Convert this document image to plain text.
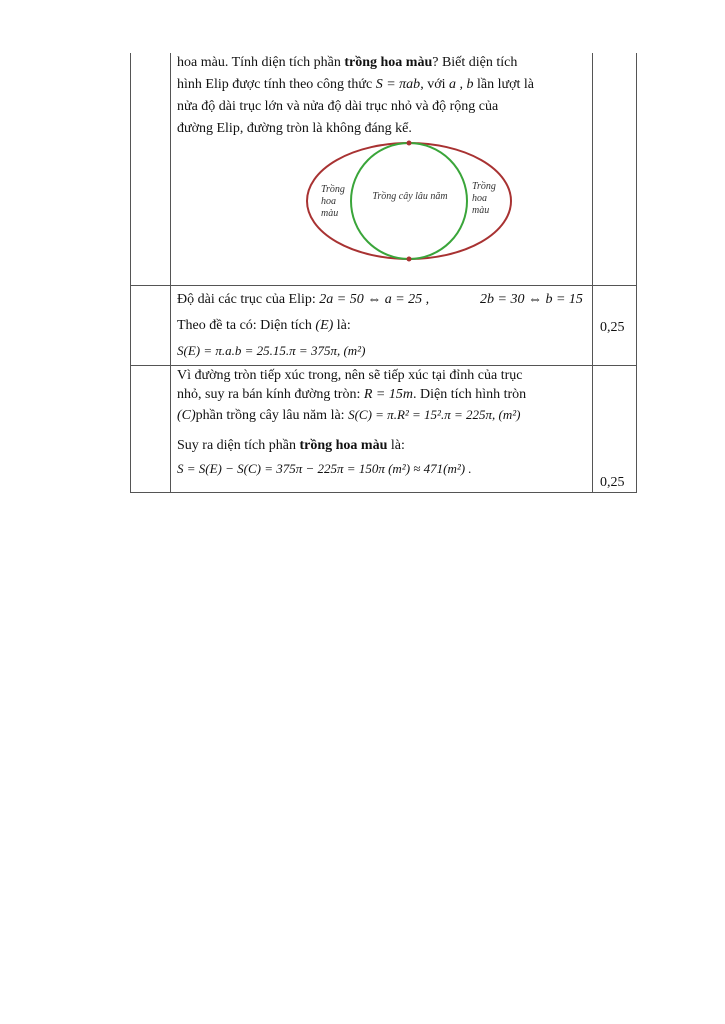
hoa màu. Tính diện tích phần trồng hoa màu? Biết diện tích
hình Elip được tính theo công thức S = πab, với a , b lần lượt là
nửa độ dài trục lớn và nửa độ dài trục nhỏ và độ rộng của
đường Elip, đường tròn là không đáng kể.
Trồng
hoa
màu
Trồng cây lâu năm
Trồng
hoa
màu
Độ dài các trục của Elip: 2a = 50 ⇔ a = 25 ,	2b = 30 ⇔ b = 15
Theo đề ta có: Diện tích (E) là:
S(E) = π.a.b = 25.15.π = 375π, (m²)
0,25
Vì đường tròn tiếp xúc trong, nên sẽ tiếp xúc tại đỉnh của trục
nhỏ, suy ra bán kính đường tròn: R = 15m. Diện tích hình tròn
(C)phần trồng cây lâu năm là: S(C) = π.R² = 15².π = 225π, (m²)
Suy ra diện tích phần trồng hoa màu là:
S = S(E) − S(C) = 375π − 225π = 150π (m²) ≈ 471(m²) .
0,25
